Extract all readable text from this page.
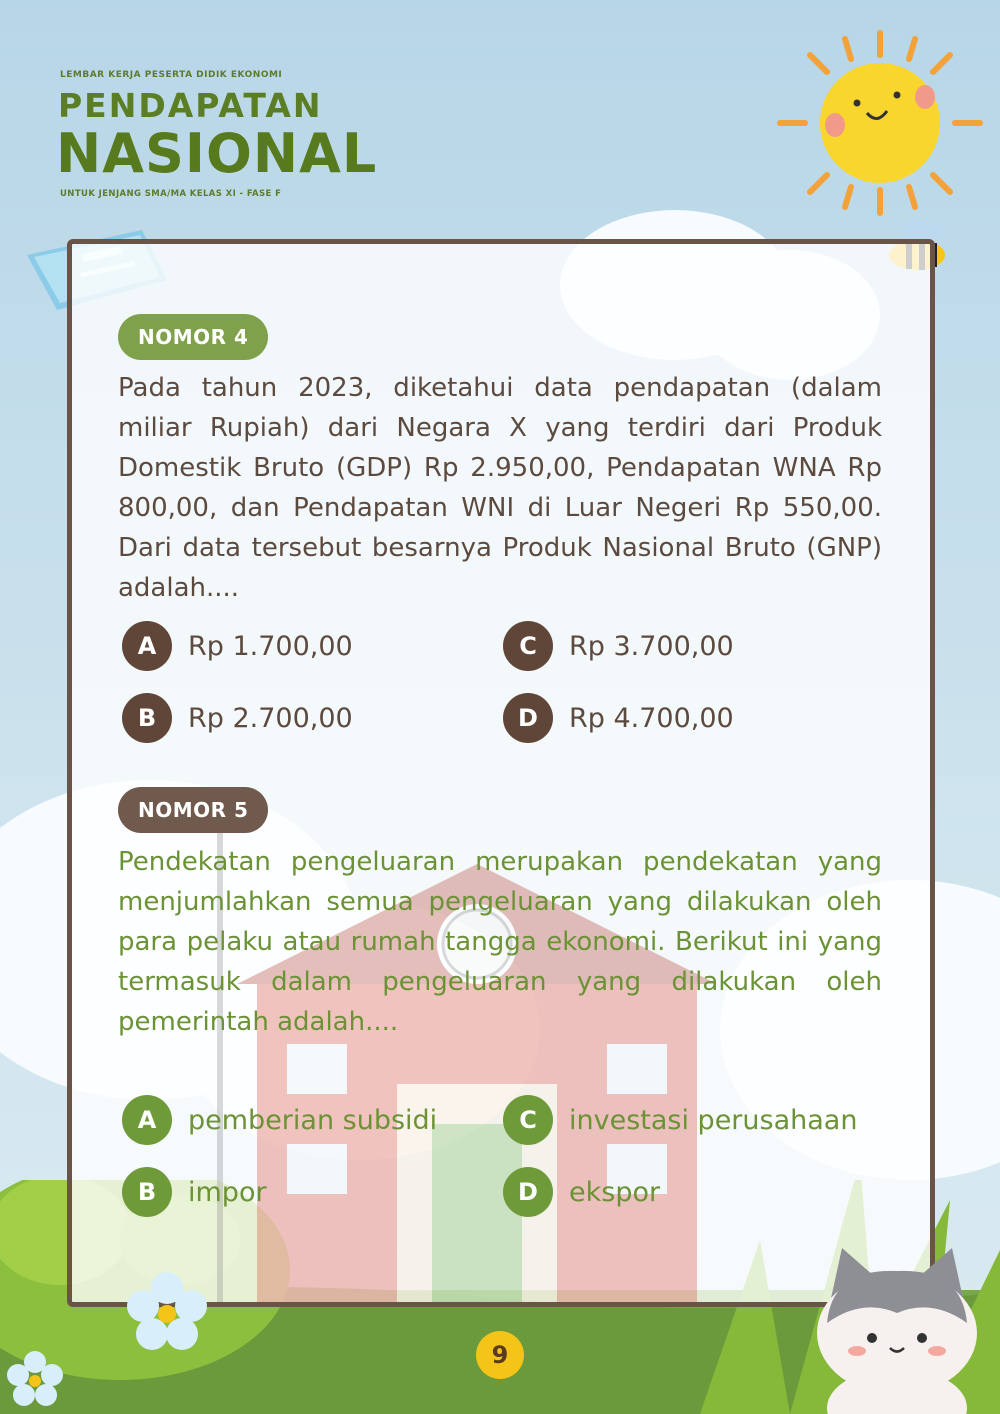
LEMBAR KERJA PESERTA DIDIK EKONOMI
PENDAPATAN
NASIONAL
UNTUK JENJANG SMA/MA KELAS XI - FASE F
NOMOR 4
Pada tahun 2023, diketahui data pendapatan (dalam miliar Rupiah) dari Negara X yang terdiri dari Produk Domestik Bruto (GDP) Rp 2.950,00, Pendapatan WNA Rp 800,00, dan Pendapatan WNI di Luar Negeri Rp 550,00. Dari data tersebut besarnya Produk Nasional Bruto (GNP) adalah....
A	Rp 1.700,00
B	Rp 2.700,00
C	Rp 3.700,00
D	Rp 4.700,00
NOMOR 5
Pendekatan pengeluaran merupakan pendekatan yang menjumlahkan semua pengeluaran yang dilakukan oleh para pelaku atau rumah tangga ekonomi. Berikut ini yang termasuk dalam pengeluaran yang dilakukan oleh pemerintah adalah....
A	pemberian subsidi
B	impor
C	investasi perusahaan
D	ekspor
9
